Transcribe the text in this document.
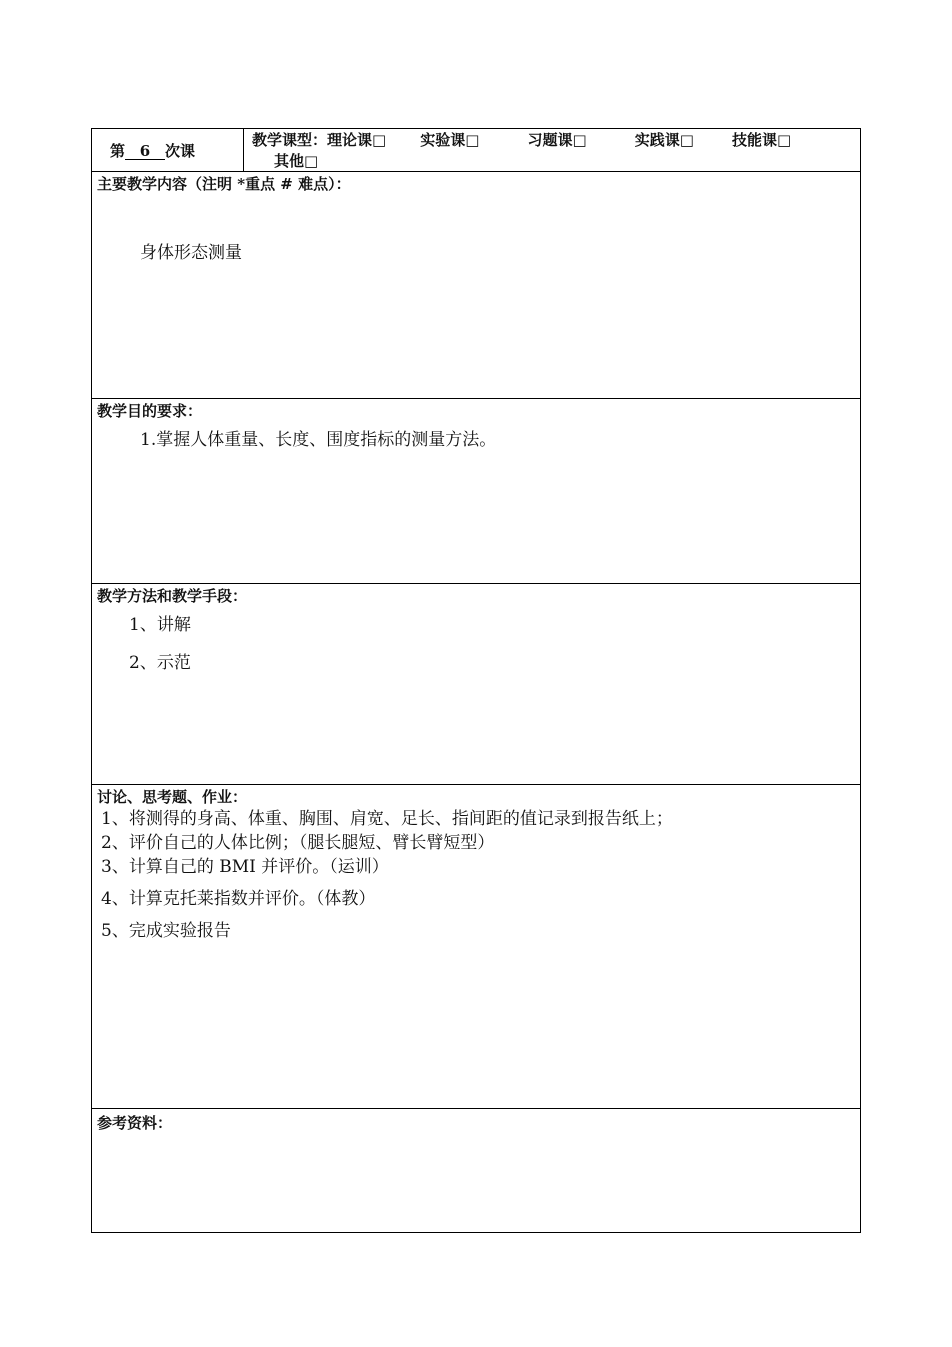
第 6 次课	教学课型：理论课□ 实验课□	习题课□	实践课□	技能课□ 其他□

主要教学内容（注明 *重点 # 难点）：
身体形态测量

教学目的要求：
1.掌握人体重量、长度、围度指标的测量方法。

教学方法和教学手段：
1、讲解
2、示范

讨论、思考题、作业：
1、将测得的身高、体重、胸围、肩宽、足长、指间距的值记录到报告纸上；
2、评价自己的人体比例；（腿长腿短、臂长臂短型）
3、计算自己的 BMI 并评价。（运训）
4、计算克托莱指数并评价。（体教）
5、完成实验报告

参考资料：
